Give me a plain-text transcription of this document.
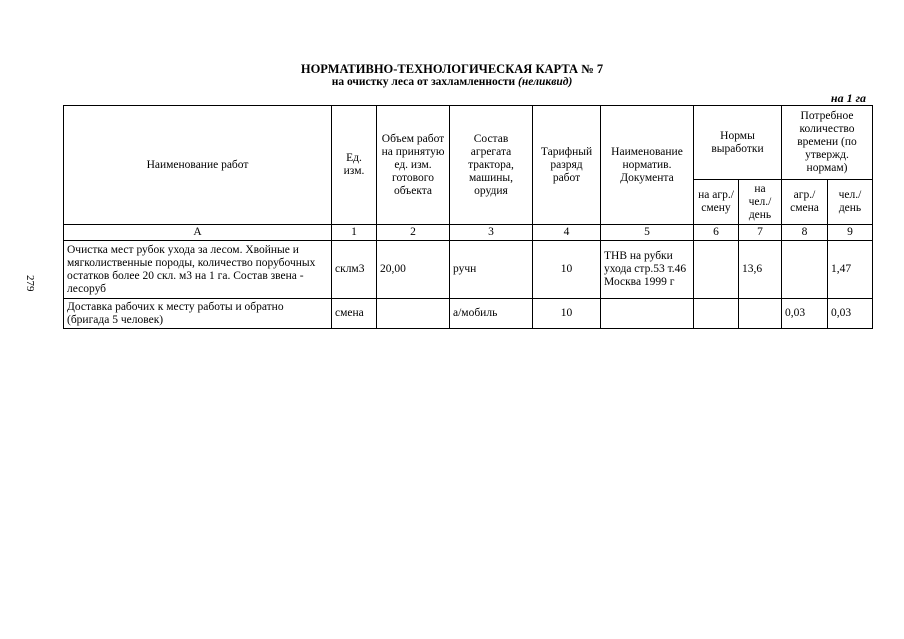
НОРМАТИВНО-ТЕХНОЛОГИЧЕСКАЯ КАРТА № 7
на очистку леса от захламленности (неликвид)
на 1 га
279
Наименование работ	Ед. изм.	Объем работ на принятую ед. изм. готового объекта	Состав агрегата трактора, машины, орудия	Тарифный разряд работ	Наименование норматив. Документа	Нормы выработки		Потребное количество времени (по утвержд. нормам)	
						на агр./ смену	на чел./ день	агр./ смена	чел./ день
А	1	2	3	4	5	6	7	8	9
Очистка мест рубок ухода за лесом. Хвойные и мягколиственные породы, количество порубочных остатков более 20 скл. м3 на 1 га. Состав звена - лесоруб	склм3	20,00	ручн	10	ТНВ на рубки ухода стр.53 т.46 Москва 1999 г		13,6		1,47
Доставка рабочих к месту работы и обратно (бригада 5 человек)	смена		а/мобиль	10				0,03	0,03
